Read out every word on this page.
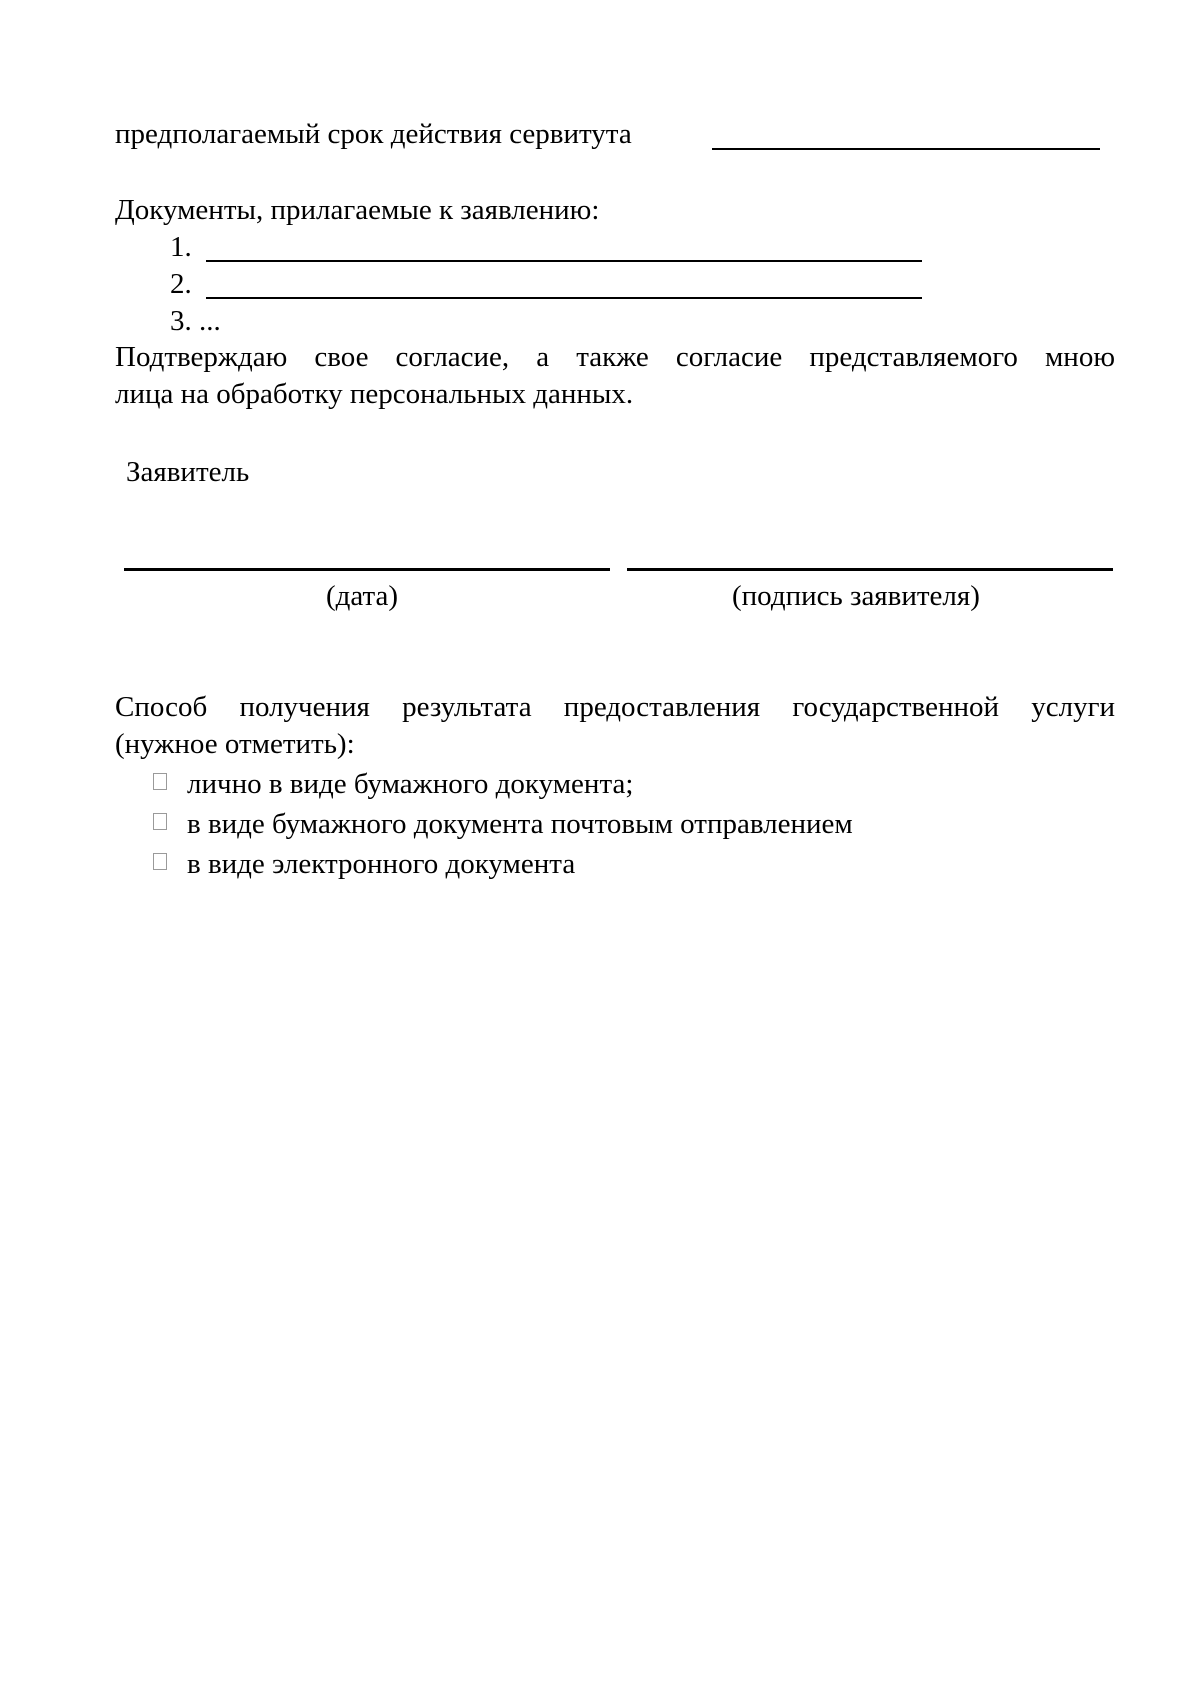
предполагаемый срок действия сервитута
Документы, прилагаемые к заявлению:
1.
2.
3. ...
Подтверждаю свое согласие, а также согласие представляемого мною
лица на обработку персональных данных.
Заявитель
(дата)	(подпись заявителя)
Способ получения результата предоставления государственной услуги
(нужное отметить):
лично в виде бумажного документа;
в виде бумажного документа почтовым отправлением
в виде электронного документа
